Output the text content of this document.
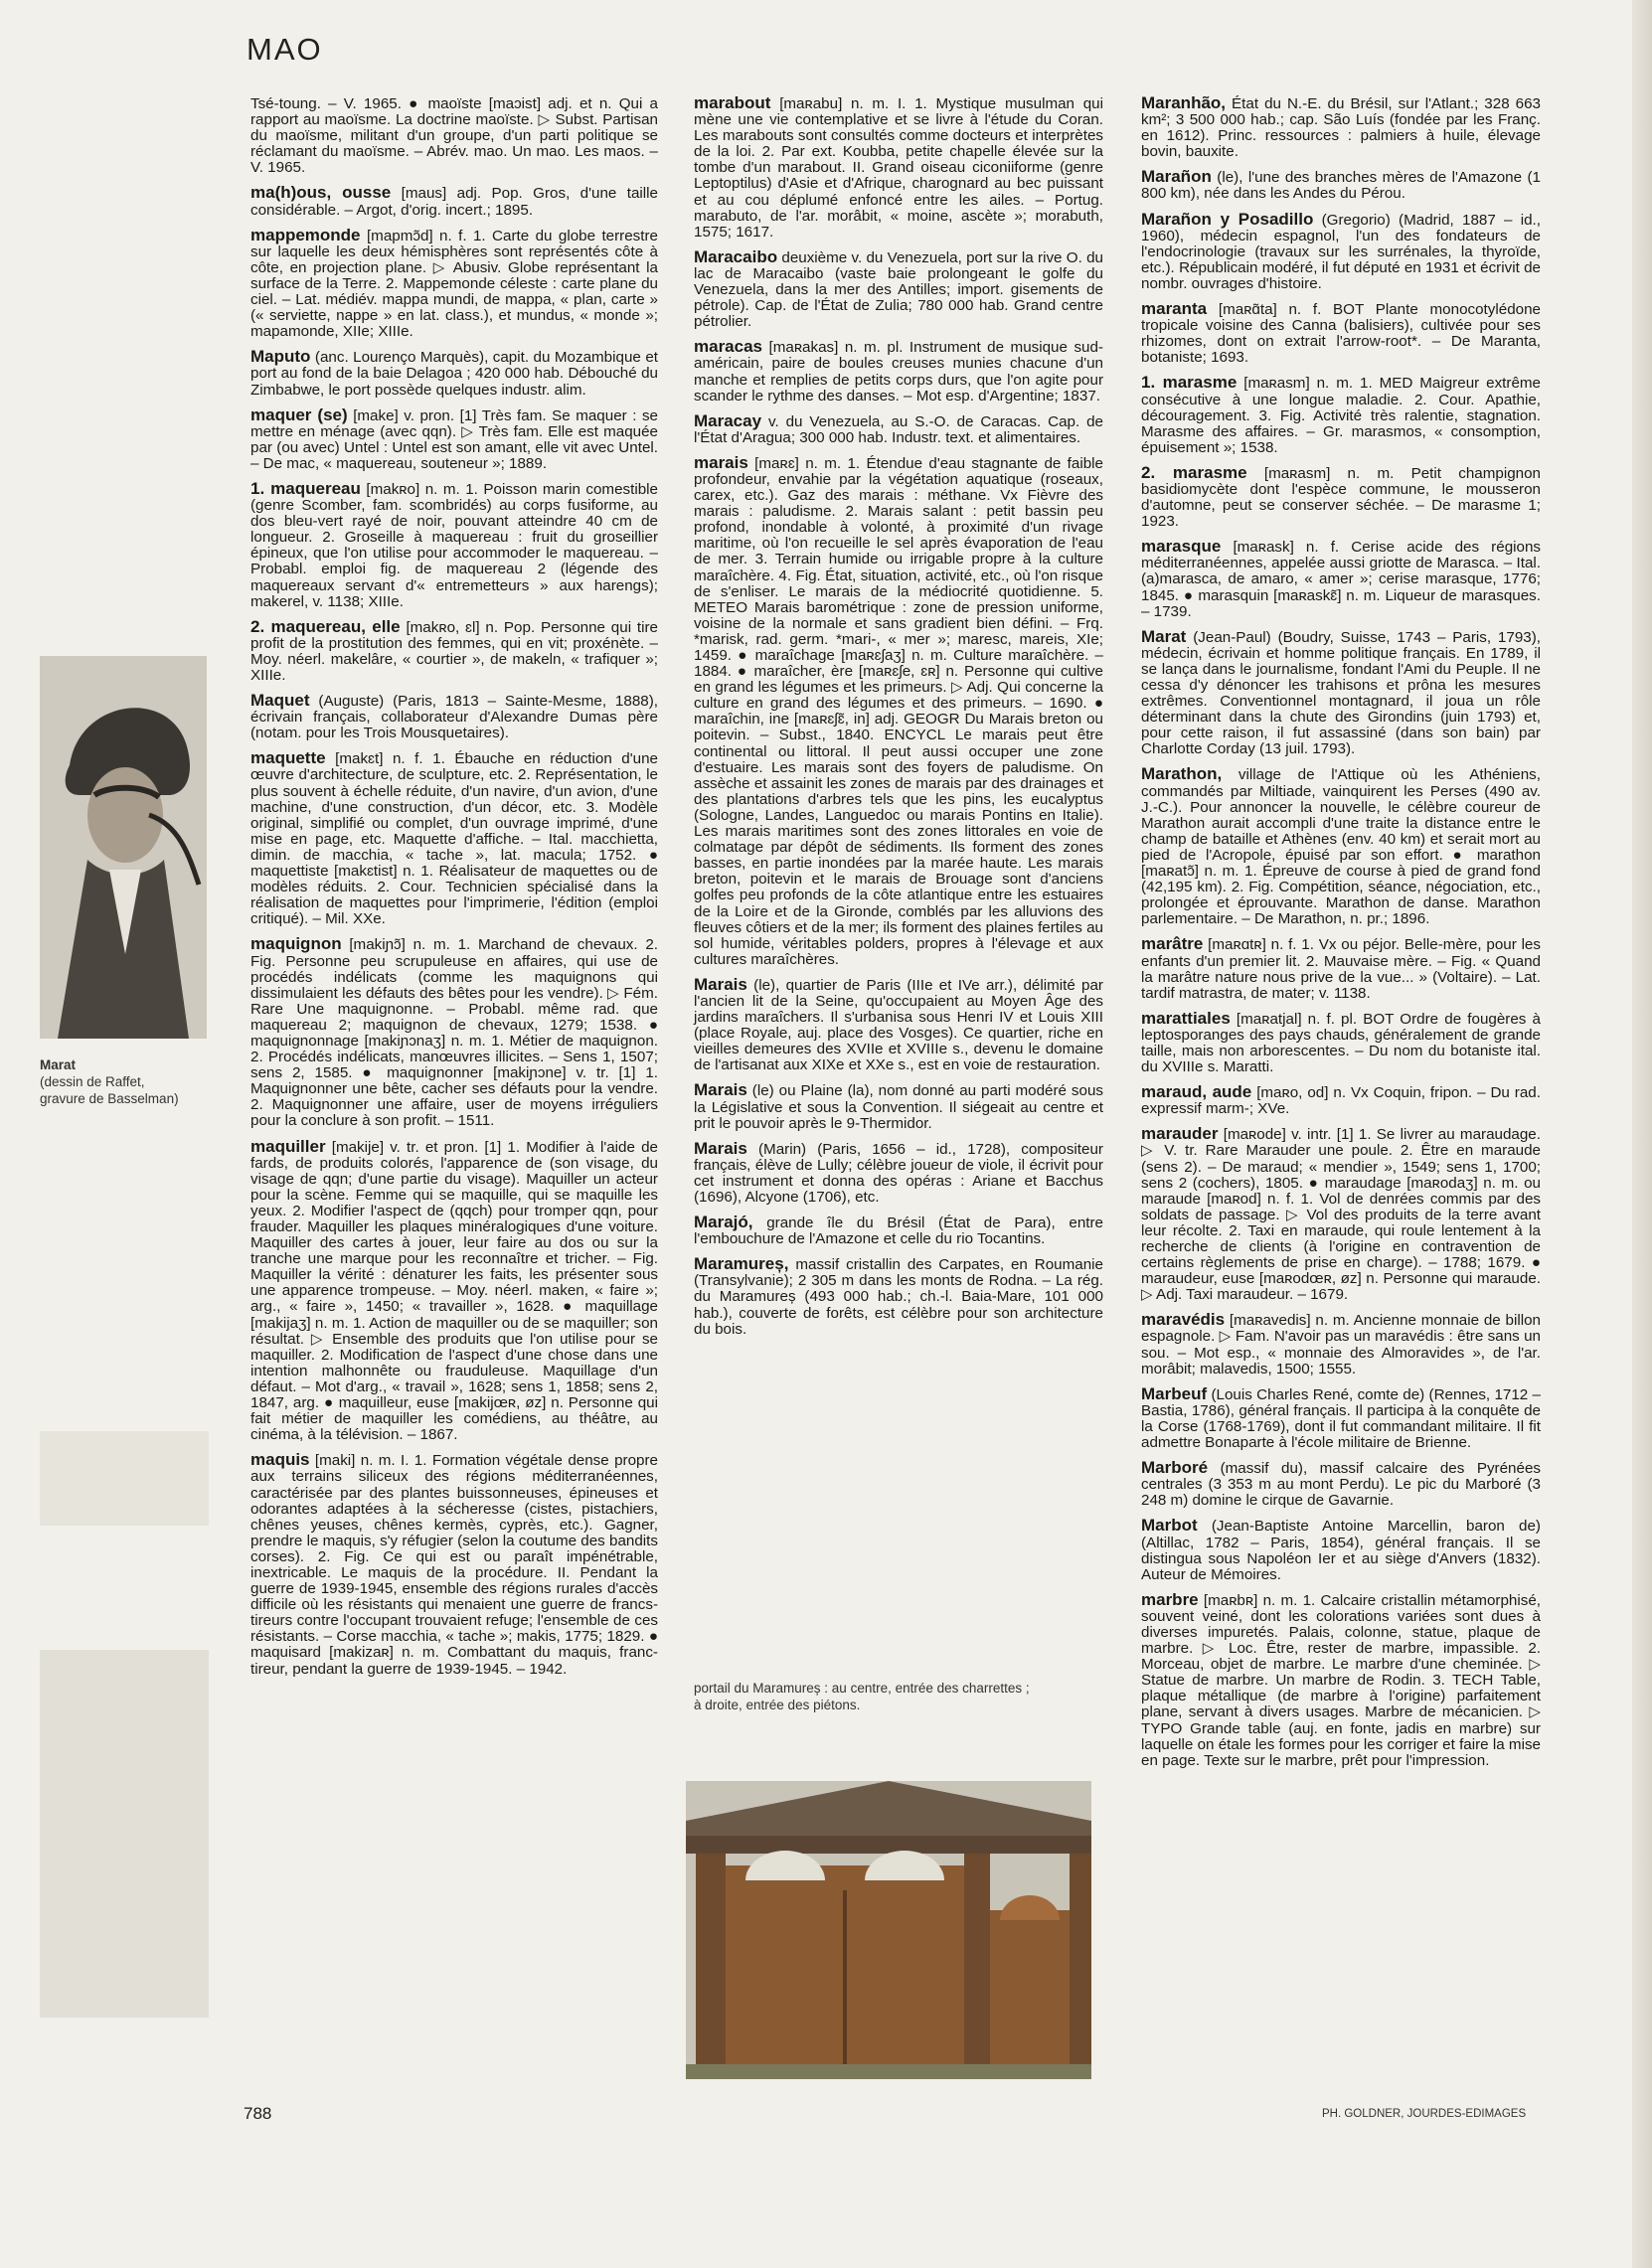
MAO

Tsé-toung. – V. 1965. ● maoïste [maɔist] adj. et n. Qui a rapport au maoïsme. La doctrine maoïste. ▷ Subst. Partisan du maoïsme, militant d'un groupe, d'un parti politique se réclamant du maoïsme. – Abrév. mao. Un mao. Les maos. – V. 1965.

ma(h)ous, ousse [maus] adj. Pop. Gros, d'une taille considérable. – Argot, d'orig. incert.; 1895.

mappemonde [mapmɔ̃d] n. f. 1. Carte du globe terrestre sur laquelle les deux hémisphères sont représentés côte à côte, en projection plane. ▷ Abusiv. Globe représentant la surface de la Terre. 2. Mappemonde céleste : carte plane du ciel. – Lat. médiév. mappa mundi, de mappa, « plan, carte » (« serviette, nappe » en lat. class.), et mundus, « monde »; mapamonde, XIIe; XIIIe.

Maputo (anc. Lourenço Marquès), capit. du Mozambique et port au fond de la baie Delagoa ; 420 000 hab. Débouché du Zimbabwe, le port possède quelques industr. alim.

maquer (se) [make] v. pron. [1] Très fam. Se maquer : se mettre en ménage (avec qqn). ▷ Très fam. Elle est maquée par (ou avec) Untel : Untel est son amant, elle vit avec Untel. – De mac, « maquereau, souteneur »; 1889.

1. maquereau [makʀo] n. m. 1. Poisson marin comestible (genre Scomber, fam. scombridés) au corps fusiforme, au dos bleu-vert rayé de noir, pouvant atteindre 40 cm de longueur. 2. Groseille à maquereau : fruit du groseillier épineux, que l'on utilise pour accommoder le maquereau. – Probabl. emploi fig. de maquereau 2 (légende des maquereaux servant d'« entremetteurs » aux harengs); makerel, v. 1138; XIIIe.

2. maquereau, elle [makʀo, ɛl] n. Pop. Personne qui tire profit de la prostitution des femmes, qui en vit; proxénète. – Moy. néerl. makelâre, « courtier », de makeln, « trafiquer »; XIIIe.

Maquet (Auguste) (Paris, 1813 – Sainte-Mesme, 1888), écrivain français, collaborateur d'Alexandre Dumas père (notam. pour les Trois Mousquetaires).

maquette [makɛt] n. f. 1. Ébauche en réduction d'une œuvre d'architecture, de sculpture, etc. 2. Représentation, le plus souvent à échelle réduite, d'un navire, d'un avion, d'une machine, d'une construction, d'un décor, etc. 3. Modèle original, simplifié ou complet, d'un ouvrage imprimé, d'une mise en page, etc. Maquette d'affiche. – Ital. macchietta, dimin. de macchia, « tache », lat. macula; 1752. ● maquettiste [makɛtist] n. 1. Réalisateur de maquettes ou de modèles réduits. 2. Cour. Technicien spécialisé dans la réalisation de maquettes pour l'imprimerie, l'édition (emploi critiqué). – Mil. XXe.

maquignon [makiɲɔ̃] n. m. 1. Marchand de chevaux. 2. Fig. Personne peu scrupuleuse en affaires, qui use de procédés indélicats (comme les maquignons qui dissimulaient les défauts des bêtes pour les vendre). ▷ Fém. Rare Une maquignonne. – Probabl. même rad. que maquereau 2; maquignon de chevaux, 1279; 1538. ● maquignonnage [makiɲɔnaʒ] n. m. 1. Métier de maquignon. 2. Procédés indélicats, manœuvres illicites. – Sens 1, 1507; sens 2, 1585. ● maquignonner [makiɲɔne] v. tr. [1] 1. Maquignonner une bête, cacher ses défauts pour la vendre. 2. Maquignonner une affaire, user de moyens irréguliers pour la conclure à son profit. – 1511.

maquiller [makije] v. tr. et pron. [1] 1. Modifier à l'aide de fards, de produits colorés, l'apparence de (son visage, du visage de qqn; d'une partie du visage). Maquiller un acteur pour la scène. Femme qui se maquille, qui se maquille les yeux. 2. Modifier l'aspect de (qqch) pour tromper qqn, pour frauder. Maquiller les plaques minéralogiques d'une voiture. Maquiller des cartes à jouer, leur faire au dos ou sur la tranche une marque pour les reconnaître et tricher. – Fig. Maquiller la vérité : dénaturer les faits, les présenter sous une apparence trompeuse. – Moy. néerl. maken, « faire »; arg., « faire », 1450; « travailler », 1628. ● maquillage [makijaʒ] n. m. 1. Action de maquiller ou de se maquiller; son résultat. ▷ Ensemble des produits que l'on utilise pour se maquiller. 2. Modification de l'aspect d'une chose dans une intention malhonnête ou frauduleuse. Maquillage d'un défaut. – Mot d'arg., « travail », 1628; sens 1, 1858; sens 2, 1847, arg. ● maquilleur, euse [makijœʀ, øz] n. Personne qui fait métier de maquiller les comédiens, au théâtre, au cinéma, à la télévision. – 1867.

maquis [maki] n. m. I. 1. Formation végétale dense propre aux terrains siliceux des régions méditerranéennes, caractérisée par des plantes buissonneuses, épineuses et odorantes adaptées à la sécheresse (cistes, pistachiers, chênes yeuses, chênes kermès, cyprès, etc.). Gagner, prendre le maquis, s'y réfugier (selon la coutume des bandits corses). 2. Fig. Ce qui est ou paraît impénétrable, inextricable. Le maquis de la procédure. II. Pendant la guerre de 1939-1945, ensemble des régions rurales d'accès difficile où les résistants qui menaient une guerre de francs-tireurs contre l'occupant trouvaient refuge; l'ensemble de ces résistants. – Corse macchia, « tache »; makis, 1775; 1829. ● maquisard [makizaʀ] n. m. Combattant du maquis, franc-tireur, pendant la guerre de 1939-1945. – 1942.

marabout [maʀabu] n. m. I. 1. Mystique musulman qui mène une vie contemplative et se livre à l'étude du Coran. Les marabouts sont consultés comme docteurs et interprètes de la loi. 2. Par ext. Koubba, petite chapelle élevée sur la tombe d'un marabout. II. Grand oiseau ciconiiforme (genre Leptoptilus) d'Asie et d'Afrique, charognard au bec puissant et au cou déplumé enfoncé entre les ailes. – Portug. marabuto, de l'ar. morâbit, « moine, ascète »; morabuth, 1575; 1617.

Maracaibo deuxième v. du Venezuela, port sur la rive O. du lac de Maracaibo (vaste baie prolongeant le golfe du Venezuela, dans la mer des Antilles; import. gisements de pétrole). Cap. de l'État de Zulia; 780 000 hab. Grand centre pétrolier.

maracas [maʀakas] n. m. pl. Instrument de musique sud-américain, paire de boules creuses munies chacune d'un manche et remplies de petits corps durs, que l'on agite pour scander le rythme des danses. – Mot esp. d'Argentine; 1837.

Maracay v. du Venezuela, au S.-O. de Caracas. Cap. de l'État d'Aragua; 300 000 hab. Industr. text. et alimentaires.

marais [maʀɛ] n. m. 1. Étendue d'eau stagnante de faible profondeur, envahie par la végétation aquatique (roseaux, carex, etc.). Gaz des marais : méthane. Vx Fièvre des marais : paludisme. 2. Marais salant : petit bassin peu profond, inondable à volonté, à proximité d'un rivage maritime, où l'on recueille le sel après évaporation de l'eau de mer. 3. Terrain humide ou irrigable propre à la culture maraîchère. 4. Fig. État, situation, activité, etc., où l'on risque de s'enliser. Le marais de la médiocrité quotidienne. 5. METEO Marais barométrique : zone de pression uniforme, voisine de la normale et sans gradient bien défini. – Frq. *marisk, rad. germ. *mari-, « mer »; maresc, mareis, XIe; 1459. ● maraîchage [maʀɛʃaʒ] n. m. Culture maraîchère. – 1884. ● maraîcher, ère [maʀɛʃe, ɛʀ] n. Personne qui cultive en grand les légumes et les primeurs. ▷ Adj. Qui concerne la culture en grand des légumes et des primeurs. – 1690. ● maraîchin, ine [maʀɛʃɛ̃, in] adj. GEOGR Du Marais breton ou poitevin. – Subst., 1840. ENCYCL Le marais peut être continental ou littoral. Il peut aussi occuper une zone d'estuaire. Les marais sont des foyers de paludisme. On assèche et assainit les zones de marais par des drainages et des plantations d'arbres tels que les pins, les eucalyptus (Sologne, Landes, Languedoc ou marais Pontins en Italie). Les marais maritimes sont des zones littorales en voie de colmatage par dépôt de sédiments. Ils forment des zones basses, en partie inondées par la marée haute. Les marais breton, poitevin et le marais de Brouage sont d'anciens golfes peu profonds de la côte atlantique entre les estuaires de la Loire et de la Gironde, comblés par les alluvions des fleuves côtiers et de la mer; ils forment des plaines fertiles au sol humide, véritables polders, propres à l'élevage et aux cultures maraîchères.

Marais (le), quartier de Paris (IIIe et IVe arr.), délimité par l'ancien lit de la Seine, qu'occupaient au Moyen Âge des jardins maraîchers. Il s'urbanisa sous Henri IV et Louis XIII (place Royale, auj. place des Vosges). Ce quartier, riche en vieilles demeures des XVIIe et XVIIIe s., devenu le domaine de l'artisanat aux XIXe et XXe s., est en voie de restauration.

Marais (le) ou Plaine (la), nom donné au parti modéré sous la Législative et sous la Convention. Il siégeait au centre et prit le pouvoir après le 9-Thermidor.

Marais (Marin) (Paris, 1656 – id., 1728), compositeur français, élève de Lully; célèbre joueur de viole, il écrivit pour cet instrument et donna des opéras : Ariane et Bacchus (1696), Alcyone (1706), etc.

Marajó, grande île du Brésil (État de Para), entre l'embouchure de l'Amazone et celle du rio Tocantins.

Maramureș, massif cristallin des Carpates, en Roumanie (Transylvanie); 2 305 m dans les monts de Rodna. – La rég. du Maramureș (493 000 hab.; ch.-l. Baia-Mare, 101 000 hab.), couverte de forêts, est célèbre pour son architecture du bois.

Maranhão, État du N.-E. du Brésil, sur l'Atlant.; 328 663 km²; 3 500 000 hab.; cap. São Luís (fondée par les Franç. en 1612). Princ. ressources : palmiers à huile, élevage bovin, bauxite.

Marañon (le), l'une des branches mères de l'Amazone (1 800 km), née dans les Andes du Pérou.

Marañon y Posadillo (Gregorio) (Madrid, 1887 – id., 1960), médecin espagnol, l'un des fondateurs de l'endocrinologie (travaux sur les surrénales, la thyroïde, etc.). Républicain modéré, il fut député en 1931 et écrivit de nombr. ouvrages d'histoire.

maranta [maʀɑ̃ta] n. f. BOT Plante monocotylédone tropicale voisine des Canna (balisiers), cultivée pour ses rhizomes, dont on extrait l'arrow-root*. – De Maranta, botaniste; 1693.

1. marasme [maʀasm] n. m. 1. MED Maigreur extrême consécutive à une longue maladie. 2. Cour. Apathie, découragement. 3. Fig. Activité très ralentie, stagnation. Marasme des affaires. – Gr. marasmos, « consomption, épuisement »; 1538.

2. marasme [maʀasm] n. m. Petit champignon basidiomycète dont l'espèce commune, le mousseron d'automne, peut se conserver séchée. – De marasme 1; 1923.

marasque [maʀask] n. f. Cerise acide des régions méditerranéennes, appelée aussi griotte de Marasca. – Ital. (a)marasca, de amaro, « amer »; cerise marasque, 1776; 1845. ● marasquin [maʀaskɛ̃] n. m. Liqueur de marasques. – 1739.

Marat (Jean-Paul) (Boudry, Suisse, 1743 – Paris, 1793), médecin, écrivain et homme politique français. En 1789, il se lança dans le journalisme, fondant l'Ami du Peuple. Il ne cessa d'y dénoncer les trahisons et prôna les mesures extrêmes. Conventionnel montagnard, il joua un rôle déterminant dans la chute des Girondins (juin 1793) et, pour cette raison, il fut assassiné (dans son bain) par Charlotte Corday (13 juil. 1793).

Marathon, village de l'Attique où les Athéniens, commandés par Miltiade, vainquirent les Perses (490 av. J.-C.). Pour annoncer la nouvelle, le célèbre coureur de Marathon aurait accompli d'une traite la distance entre le champ de bataille et Athènes (env. 40 km) et serait mort au pied de l'Acropole, épuisé par son effort. ● marathon [maʀatɔ̃] n. m. 1. Épreuve de course à pied de grand fond (42,195 km). 2. Fig. Compétition, séance, négociation, etc., prolongée et éprouvante. Marathon de danse. Marathon parlementaire. – De Marathon, n. pr.; 1896.

marâtre [maʀɑtʀ] n. f. 1. Vx ou péjor. Belle-mère, pour les enfants d'un premier lit. 2. Mauvaise mère. – Fig. « Quand la marâtre nature nous prive de la vue... » (Voltaire). – Lat. tardif matrastra, de mater; v. 1138.

marattiales [maʀatjal] n. f. pl. BOT Ordre de fougères à leptosporanges des pays chauds, généralement de grande taille, mais non arborescentes. – Du nom du botaniste ital. du XVIIIe s. Maratti.

maraud, aude [maʀo, od] n. Vx Coquin, fripon. – Du rad. expressif marm-; XVe.

marauder [maʀode] v. intr. [1] 1. Se livrer au maraudage. ▷ V. tr. Rare Marauder une poule. 2. Être en maraude (sens 2). – De maraud; « mendier », 1549; sens 1, 1700; sens 2 (cochers), 1805. ● maraudage [maʀodaʒ] n. m. ou maraude [maʀod] n. f. 1. Vol de denrées commis par des soldats de passage. ▷ Vol des produits de la terre avant leur récolte. 2. Taxi en maraude, qui roule lentement à la recherche de clients (à l'origine en contravention de certains règlements de prise en charge). – 1788; 1679. ● maraudeur, euse [maʀodœʀ, øz] n. Personne qui maraude. ▷ Adj. Taxi maraudeur. – 1679.

maravédis [maʀavedis] n. m. Ancienne monnaie de billon espagnole. ▷ Fam. N'avoir pas un maravédis : être sans un sou. – Mot esp., « monnaie des Almoravides », de l'ar. morâbit; malavedis, 1500; 1555.

Marbeuf (Louis Charles René, comte de) (Rennes, 1712 – Bastia, 1786), général français. Il participa à la conquête de la Corse (1768-1769), dont il fut commandant militaire. Il fit admettre Bonaparte à l'école militaire de Brienne.

Marboré (massif du), massif calcaire des Pyrénées centrales (3 353 m au mont Perdu). Le pic du Marboré (3 248 m) domine le cirque de Gavarnie.

Marbot (Jean-Baptiste Antoine Marcellin, baron de) (Altillac, 1782 – Paris, 1854), général français. Il se distingua sous Napoléon Ier et au siège d'Anvers (1832). Auteur de Mémoires.

marbre [maʀbʀ] n. m. 1. Calcaire cristallin métamorphisé, souvent veiné, dont les colorations variées sont dues à diverses impuretés. Palais, colonne, statue, plaque de marbre. ▷ Loc. Être, rester de marbre, impassible. 2. Morceau, objet de marbre. Le marbre d'une cheminée. ▷ Statue de marbre. Un marbre de Rodin. 3. TECH Table, plaque métallique (de marbre à l'origine) parfaitement plane, servant à divers usages. Marbre de mécanicien. ▷ TYPO Grande table (auj. en fonte, jadis en marbre) sur laquelle on étale les formes pour les corriger et faire la mise en page. Texte sur le marbre, prêt pour l'impression.

Marat
(dessin de Raffet,
gravure de Basselman)
portail du Maramureș : au centre, entrée des charrettes ;
à droite, entrée des piétons.
788	PH. GOLDNER, JOURDES-EDIMAGES
